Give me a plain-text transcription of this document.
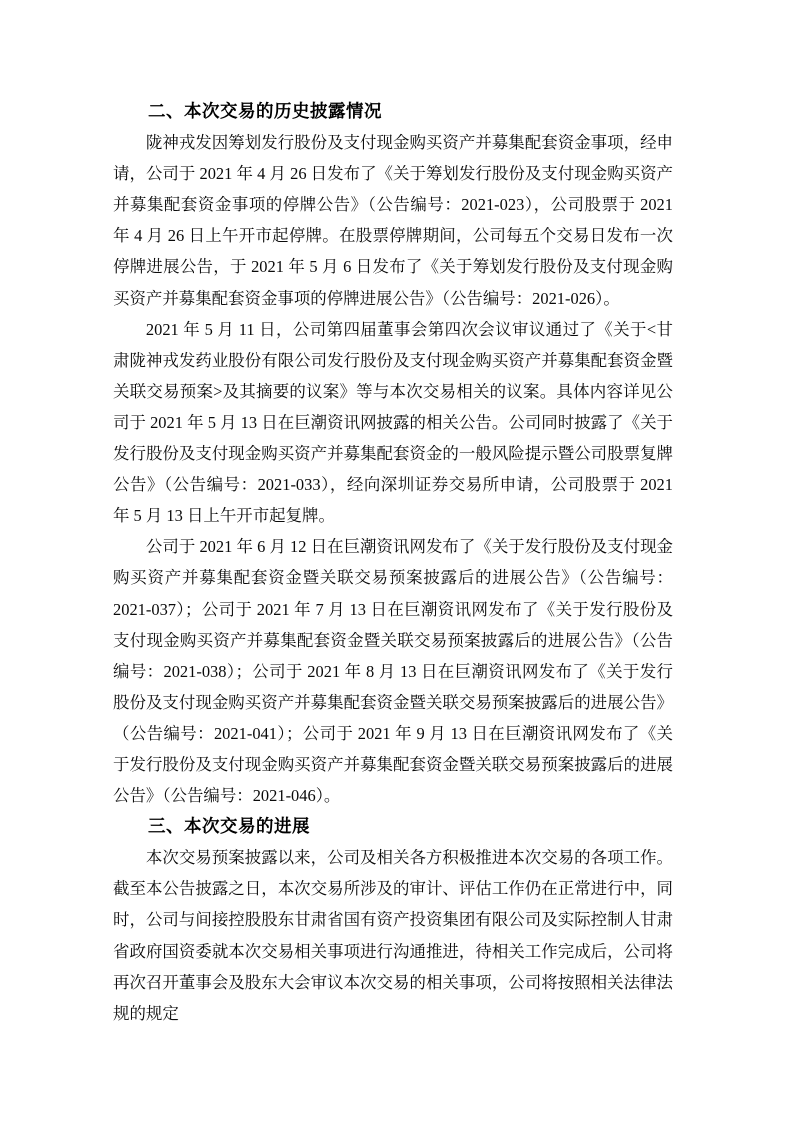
二、本次交易的历史披露情况

陇神戎发因筹划发行股份及支付现金购买资产并募集配套资金事项，经申请，公司于 2021 年 4 月 26 日发布了《关于筹划发行股份及支付现金购买资产并募集配套资金事项的停牌公告》（公告编号：2021-023），公司股票于 2021 年 4 月 26 日上午开市起停牌。在股票停牌期间，公司每五个交易日发布一次停牌进展公告，于 2021 年 5 月 6 日发布了《关于筹划发行股份及支付现金购买资产并募集配套资金事项的停牌进展公告》（公告编号：2021-026）。

2021 年 5 月 11 日，公司第四届董事会第四次会议审议通过了《关于<甘肃陇神戎发药业股份有限公司发行股份及支付现金购买资产并募集配套资金暨关联交易预案>及其摘要的议案》等与本次交易相关的议案。具体内容详见公司于 2021 年 5 月 13 日在巨潮资讯网披露的相关公告。公司同时披露了《关于发行股份及支付现金购买资产并募集配套资金的一般风险提示暨公司股票复牌公告》（公告编号：2021-033），经向深圳证券交易所申请，公司股票于 2021 年 5 月 13 日上午开市起复牌。

公司于 2021 年 6 月 12 日在巨潮资讯网发布了《关于发行股份及支付现金购买资产并募集配套资金暨关联交易预案披露后的进展公告》（公告编号：2021-037）；公司于 2021 年 7 月 13 日在巨潮资讯网发布了《关于发行股份及支付现金购买资产并募集配套资金暨关联交易预案披露后的进展公告》（公告编号：2021-038）；公司于 2021 年 8 月 13 日在巨潮资讯网发布了《关于发行股份及支付现金购买资产并募集配套资金暨关联交易预案披露后的进展公告》（公告编号：2021-041）；公司于 2021 年 9 月 13 日在巨潮资讯网发布了《关于发行股份及支付现金购买资产并募集配套资金暨关联交易预案披露后的进展公告》（公告编号：2021-046）。

三、本次交易的进展

本次交易预案披露以来，公司及相关各方积极推进本次交易的各项工作。截至本公告披露之日，本次交易所涉及的审计、评估工作仍在正常进行中，同时，公司与间接控股股东甘肃省国有资产投资集团有限公司及实际控制人甘肃省政府国资委就本次交易相关事项进行沟通推进，待相关工作完成后，公司将再次召开董事会及股东大会审议本次交易的相关事项，公司将按照相关法律法规的规定
